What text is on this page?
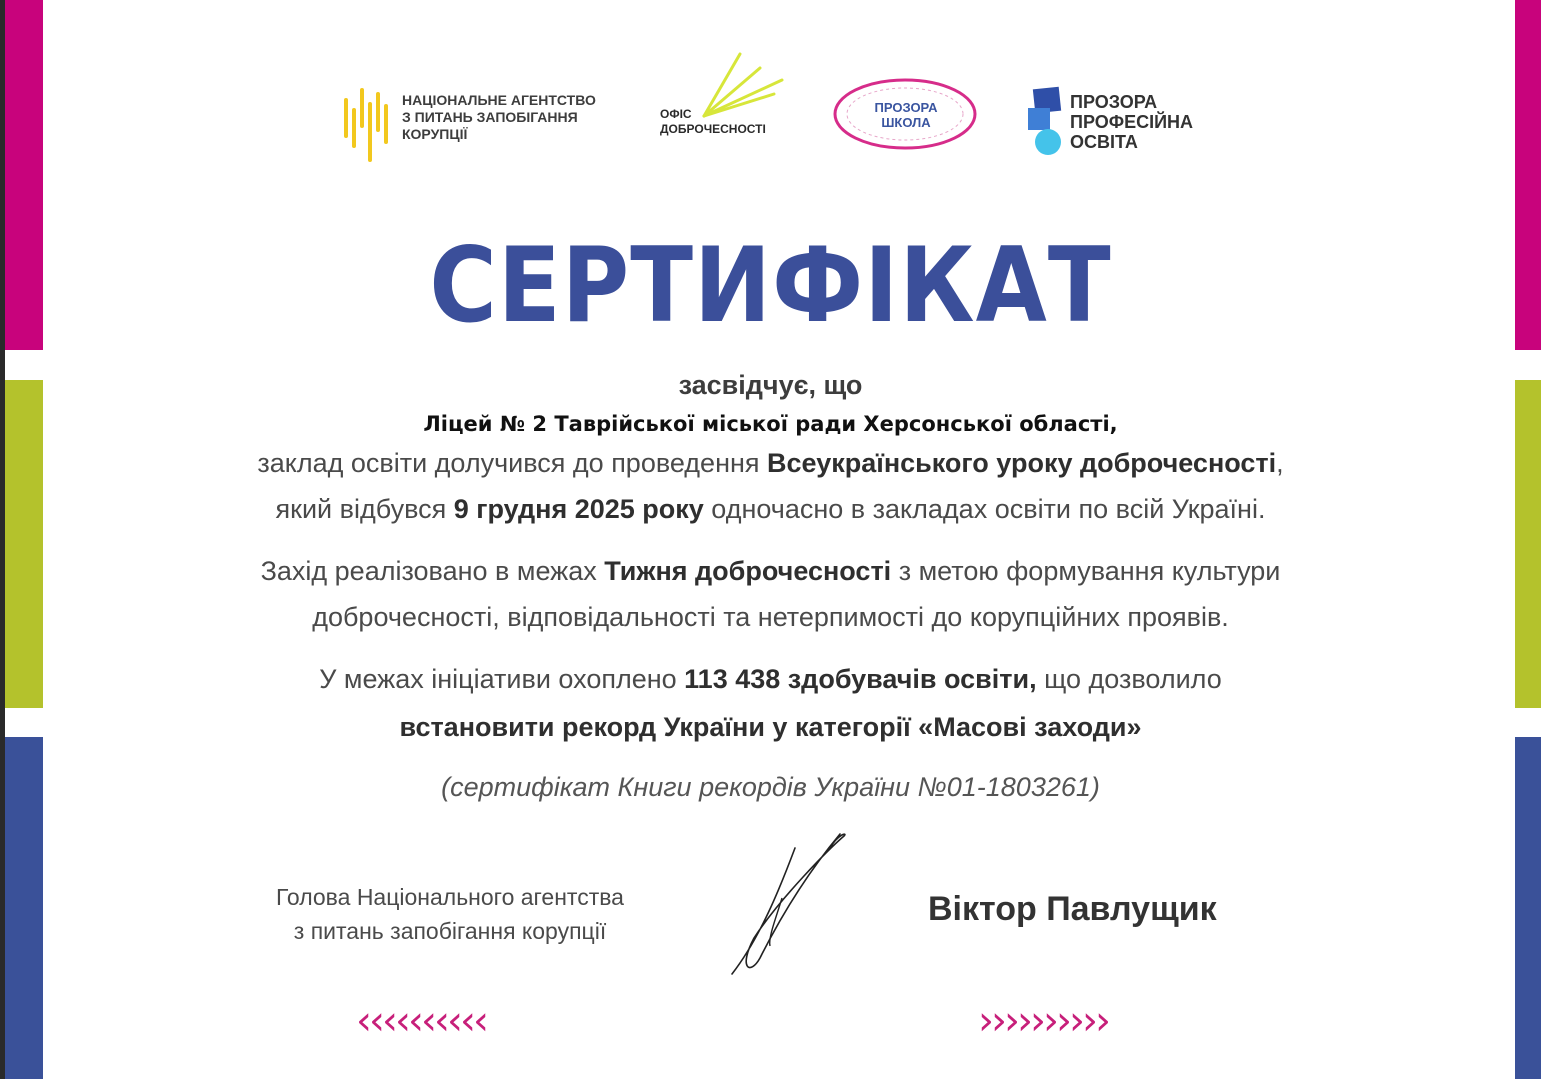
НАЦІОНАЛЬНЕ АГЕНТСТВО
З ПИТАНЬ ЗАПОБІГАННЯ
КОРУПЦІЇ
ОФІС
ДОБРОЧЕСНОСТІ
ПРОЗОРА
ШКОЛА
ПРОЗОРА
ПРОФЕСІЙНА
ОСВІТА
СЕРТИФІКАТ
засвідчує, що
Ліцей № 2 Таврійської міської ради Херсонської області,
заклад освіти долучився до проведення Всеукраїнського уроку доброчесності,
який відбувся 9 грудня 2025 року одночасно в закладах освіти по всій Україні.
Захід реалізовано в межах Тижня доброчесності з метою формування культури
доброчесності, відповідальності та нетерпимості до корупційних проявів.
У межах ініціативи охоплено 113 438 здобувачів освіти, що дозволило
встановити рекорд України у категорії «Масові заходи»
(сертифікат Книги рекордів України №01-1803261)
Голова Національного агентства
з питань запобігання корупції
Віктор Павлущик
‹‹‹‹‹‹‹‹‹‹	››››››››››
